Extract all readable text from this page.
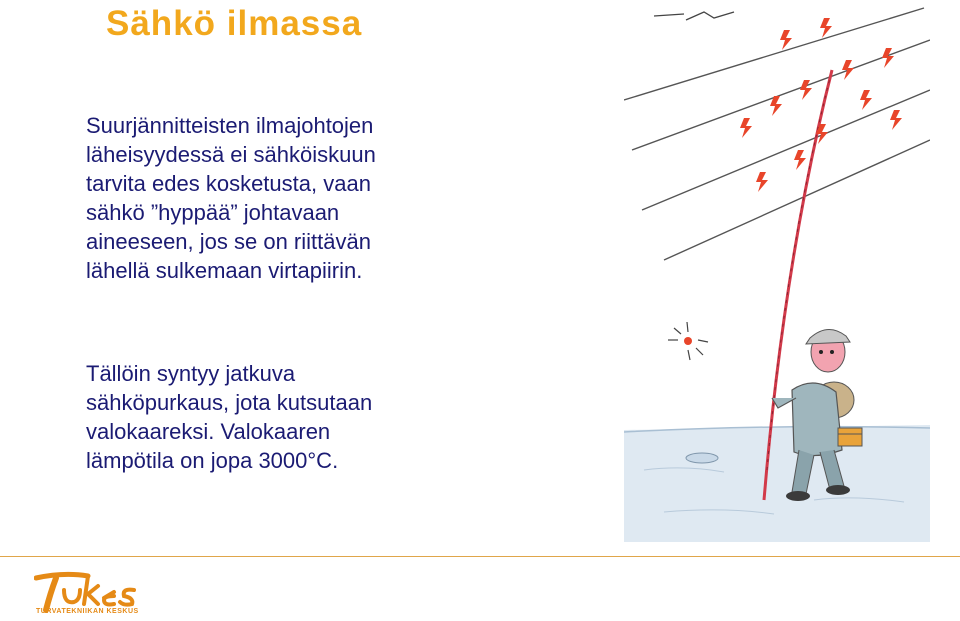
Sähkö ilmassa
Suurjännitteisten ilmajohtojen
läheisyydessä ei sähköiskuun
tarvita edes kosketusta, vaan
sähkö ”hyppää” johtavaan
aineeseen, jos se on riittävän
lähellä sulkemaan virtapiirin.
Tällöin syntyy jatkuva
sähköpurkaus, jota kutsutaan
valokaareksi. Valokaaren
lämpötila on jopa 3000°C.
TURVATEKNIIKAN KESKUS
